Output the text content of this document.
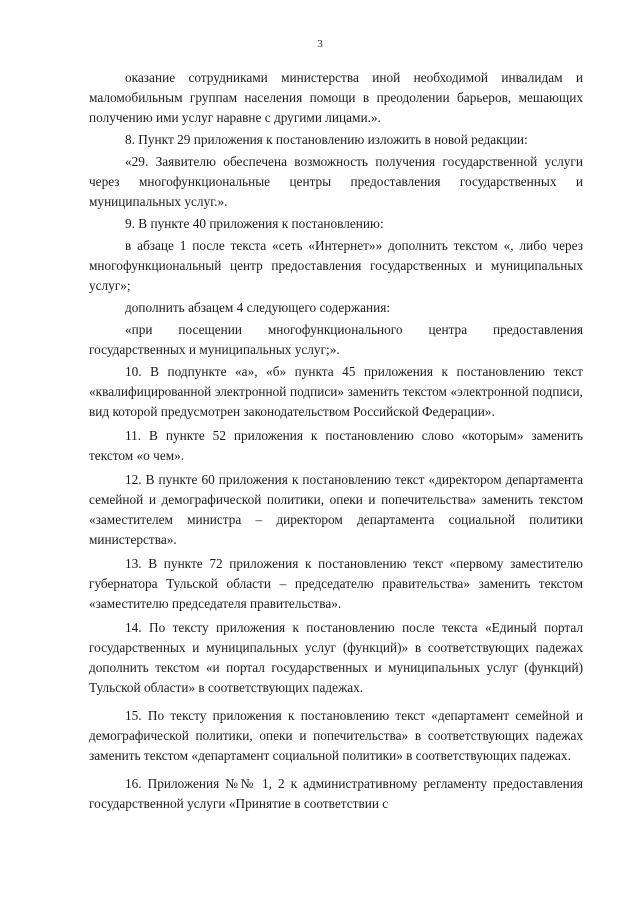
3

оказание сотрудниками министерства иной необходимой инвалидам и маломобильным группам населения помощи в преодолении барьеров, мешающих получению ими услуг наравне с другими лицами.».

8. Пункт 29 приложения к постановлению изложить в новой редакции:

«29. Заявителю обеспечена возможность получения государственной услуги через многофункциональные центры предоставления государственных и муниципальных услуг.».

9. В пункте 40 приложения к постановлению:

в абзаце 1 после текста «сеть «Интернет»» дополнить текстом «, либо через многофункциональный центр предоставления государственных и муниципальных услуг»;

дополнить абзацем 4 следующего содержания:

«при посещении многофункционального центра предоставления государственных и муниципальных услуг;».

10. В подпункте «а», «б» пункта 45 приложения к постановлению текст «квалифицированной электронной подписи» заменить текстом «электронной подписи, вид которой предусмотрен законодательством Российской Федерации».

11. В пункте 52 приложения к постановлению слово «которым» заменить текстом «о чем».

12. В пункте 60 приложения к постановлению текст «директором департамента семейной и демографической политики, опеки и попечительства» заменить текстом «заместителем министра – директором департамента социальной политики министерства».

13. В пункте 72 приложения к постановлению текст «первому заместителю губернатора Тульской области – председателю правительства» заменить текстом «заместителю председателя правительства».

14. По тексту приложения к постановлению после текста «Единый портал государственных и муниципальных услуг (функций)» в соответствующих падежах дополнить текстом «и портал государственных и муниципальных услуг (функций) Тульской области» в соответствующих падежах.

15. По тексту приложения к постановлению текст «департамент семейной и демографической политики, опеки и попечительства» в соответствующих падежах заменить текстом «департамент социальной политики» в соответствующих падежах.

16. Приложения №№ 1, 2 к административному регламенту предоставления государственной услуги «Принятие в соответствии с
